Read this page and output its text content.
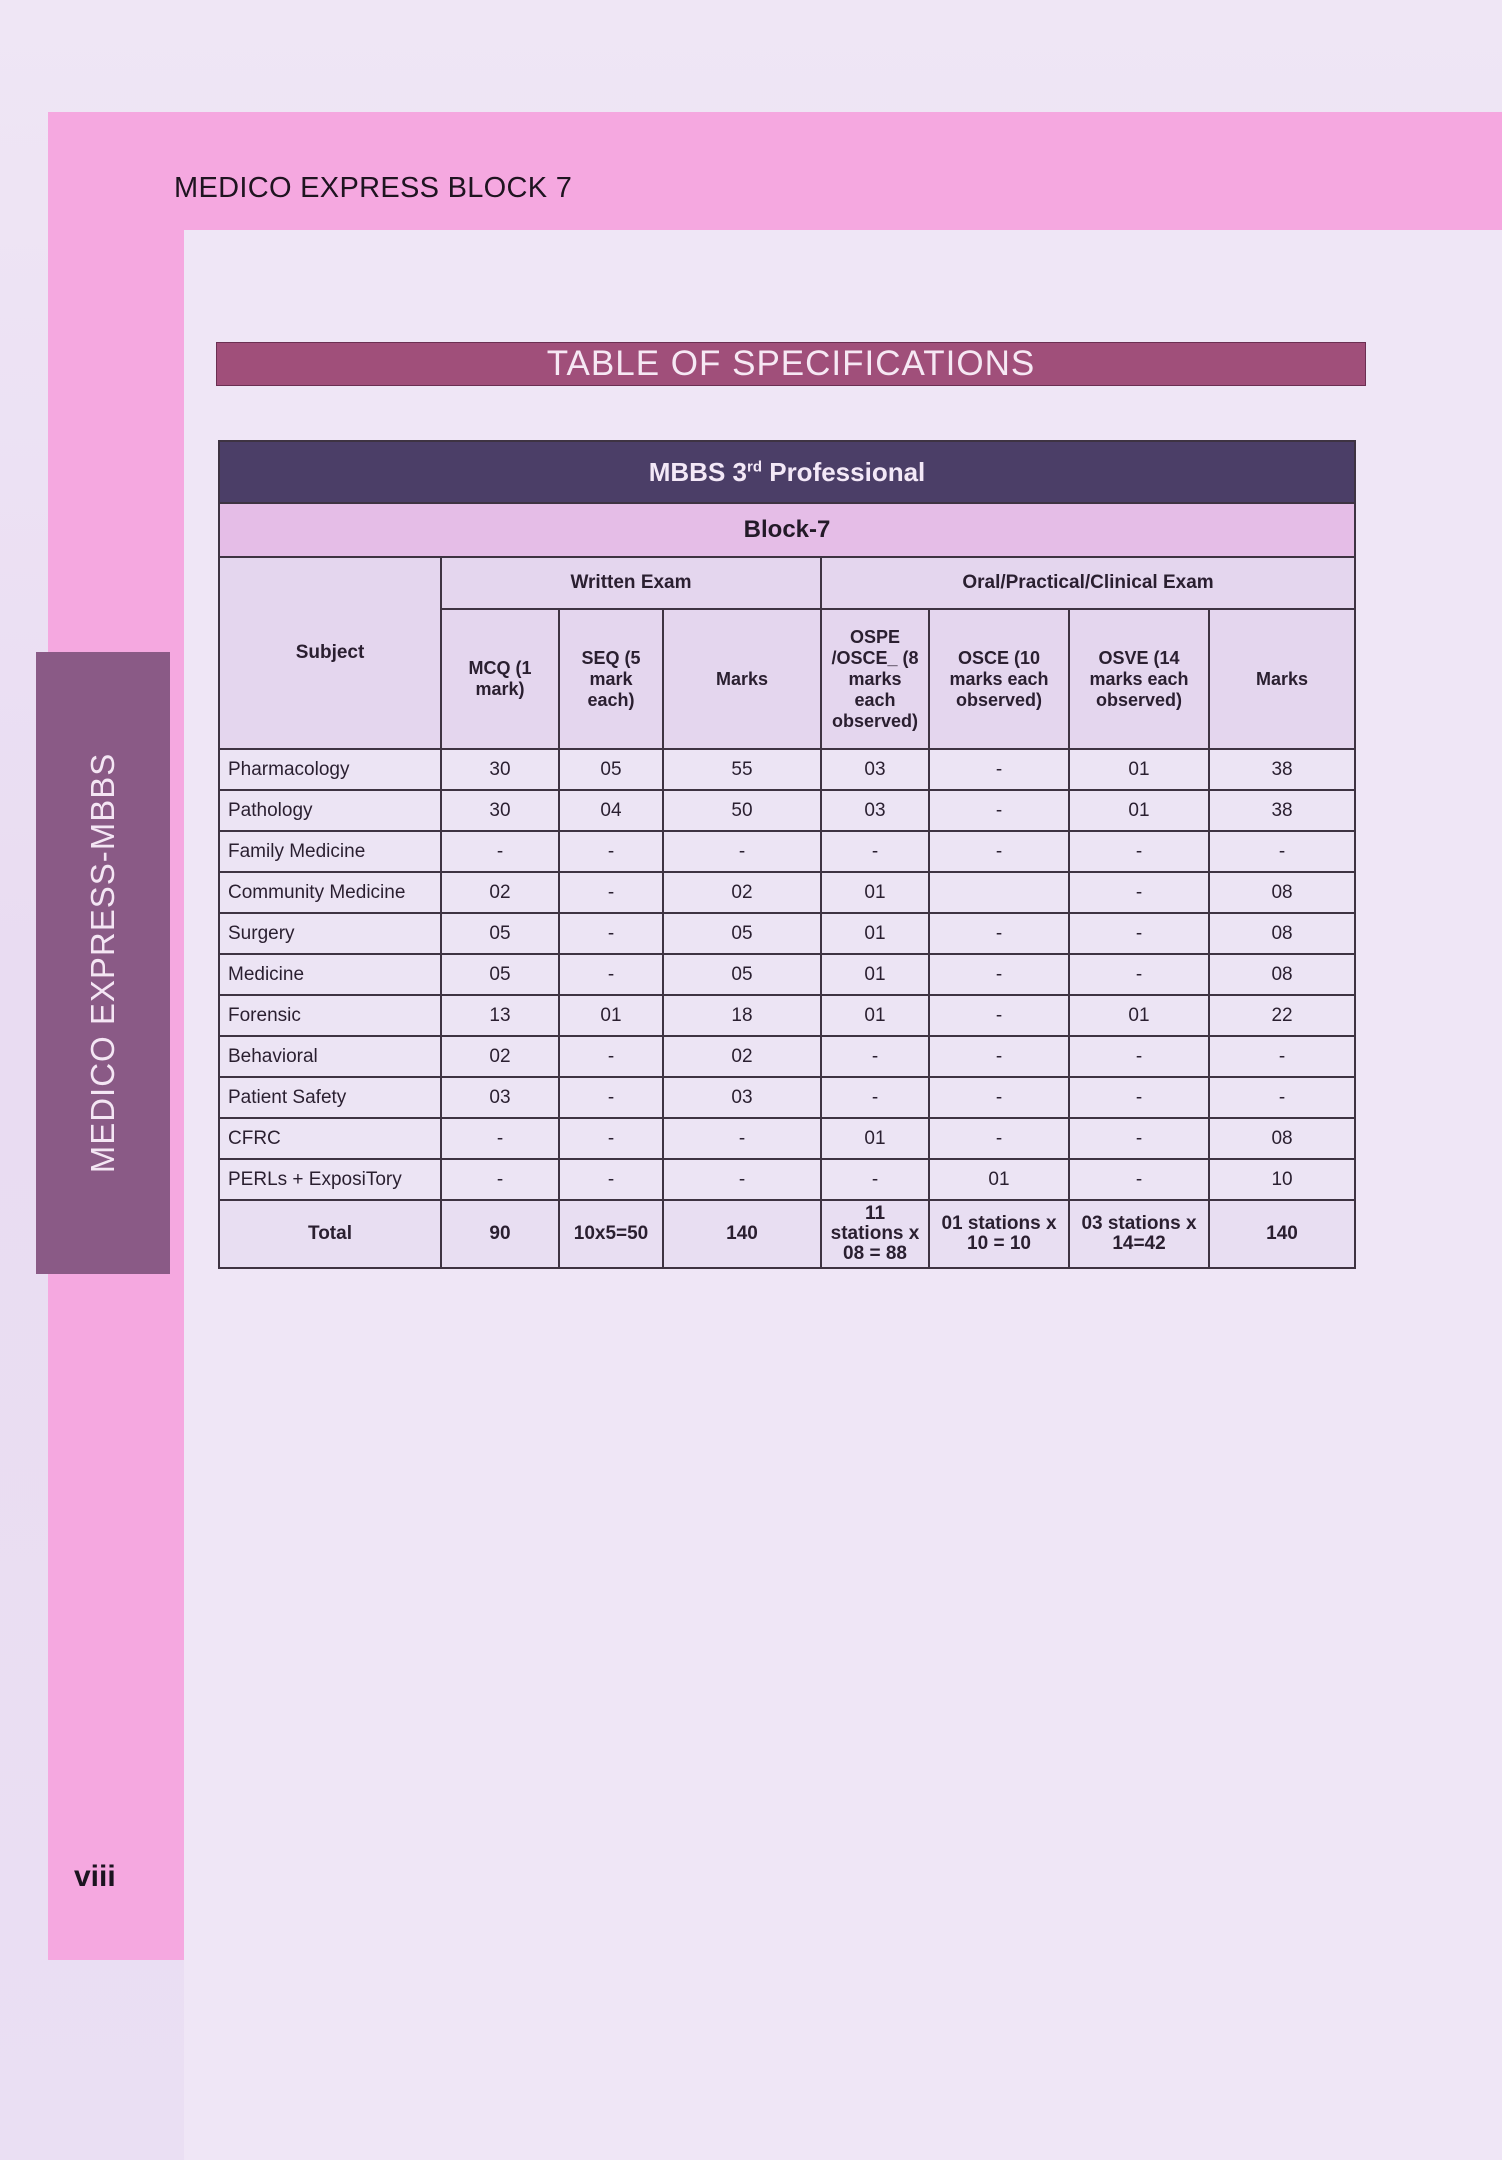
MEDICO EXPRESS BLOCK 7
MEDICO EXPRESS-MBBS
TABLE OF SPECIFICATIONS
MBBS 3rd Professional							
Block-7							
Subject	Written Exam			Oral/Practical/Clinical Exam			
	MCQ (1 mark)	SEQ (5 mark each)	Marks	OSPE /OSCE_ (8 marks each observed)	OSCE (10 marks each observed)	OSVE (14 marks each observed)	Marks
Pharmacology	30	05	55	03	-	01	38
Pathology	30	04	50	03	-	01	38
Family Medicine	-	-	-	-	-	-	-
Community Medicine	02	-	02	01		-	08
Surgery	05	-	05	01	-	-	08
Medicine	05	-	05	01	-	-	08
Forensic	13	01	18	01	-	01	22
Behavioral	02	-	02	-	-	-	-
Patient Safety	03	-	03	-	-	-	-
CFRC	-	-	-	01	-	-	08
PERLs + ExposiTory	-	-	-	-	01	-	10
Total	90	10x5=50	140	11 stations x 08 = 88	01 stations x 10 = 10	03 stations x 14=42	140
viii
